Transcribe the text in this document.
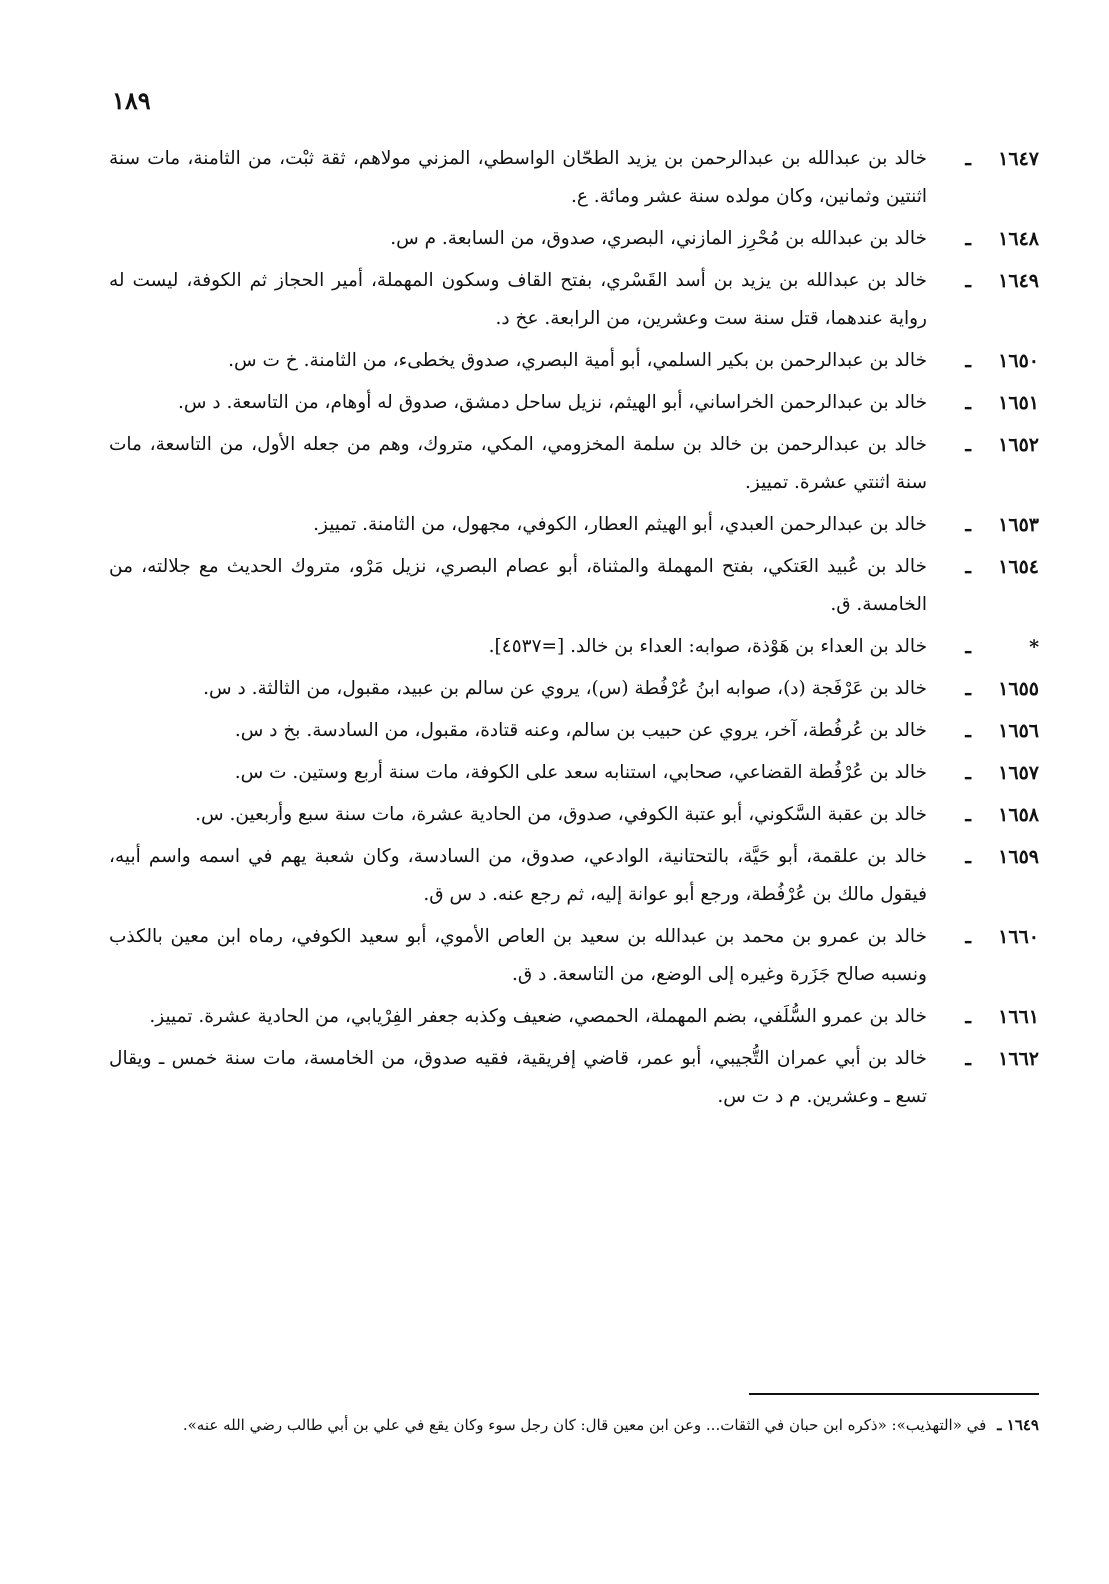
١٨٩
١٦٤٧ـ
خالد بن عبدالله بن عبدالرحمن بن يزيد الطحّان الواسطي، المزني مولاهم، ثقة ثبْت، من الثامنة، مات سنة اثنتين وثمانين، وكان مولده سنة عشر ومائة. ع.
١٦٤٨ـ
خالد بن عبدالله بن مُحْرِز المازني، البصري، صدوق، من السابعة. م س.
١٦٤٩ـ
خالد بن عبدالله بن يزيد بن أسد القَسْري، بفتح القاف وسكون المهملة، أمير الحجاز ثم الكوفة، ليست له رواية عندهما، قتل سنة ست وعشرين، من الرابعة. عخ د.
١٦٥٠ـ
خالد بن عبدالرحمن بن بكير السلمي، أبو أمية البصري، صدوق يخطىء، من الثامنة. خ ت س.
١٦٥١ـ
خالد بن عبدالرحمن الخراساني، أبو الهيثم، نزيل ساحل دمشق، صدوق له أوهام، من التاسعة. د س.
١٦٥٢ـ
خالد بن عبدالرحمن بن خالد بن سلمة المخزومي، المكي، متروك، وهم من جعله الأول، من التاسعة، مات سنة اثنتي عشرة. تمييز.
١٦٥٣ـ
خالد بن عبدالرحمن العبدي، أبو الهيثم العطار، الكوفي، مجهول، من الثامنة. تمييز.
١٦٥٤ـ
خالد بن عُبيد العَتكي، بفتح المهملة والمثناة، أبو عصام البصري، نزيل مَرْو، متروك الحديث مع جلالته، من الخامسة. ق.
*ـ
خالد بن العداء بن هَوْذة، صوابه: العداء بن خالد. [=٤٥٣٧].
١٦٥٥ـ
خالد بن عَرْفَجة (د)، صوابه ابنُ عُرْفُطة (س)، يروي عن سالم بن عبيد، مقبول، من الثالثة. د س.
١٦٥٦ـ
خالد بن عُرفُطة، آخر، يروي عن حبيب بن سالم، وعنه قتادة، مقبول، من السادسة. بخ د س.
١٦٥٧ـ
خالد بن عُرْفُطة القضاعي، صحابي، استنابه سعد على الكوفة، مات سنة أربع وستين. ت س.
١٦٥٨ـ
خالد بن عقبة السَّكوني، أبو عتبة الكوفي، صدوق، من الحادية عشرة، مات سنة سبع وأربعين. س.
١٦٥٩ـ
خالد بن علقمة، أبو حَيَّة، بالتحتانية، الوادعي، صدوق، من السادسة، وكان شعبة يهم في اسمه واسم أبيه، فيقول مالك بن عُرْفُطة، ورجع أبو عوانة إليه، ثم رجع عنه. د س ق.
١٦٦٠ـ
خالد بن عمرو بن محمد بن عبدالله بن سعيد بن العاص الأموي، أبو سعيد الكوفي، رماه ابن معين بالكذب ونسبه صالح جَزَرة وغيره إلى الوضع، من التاسعة. د ق.
١٦٦١ـ
خالد بن عمرو السُّلَفي، بضم المهملة، الحمصي، ضعيف وكذبه جعفر الفِرْيابي، من الحادية عشرة. تمييز.
١٦٦٢ـ
خالد بن أبي عمران التُّجيبي، أبو عمر، قاضي إفريقية، فقيه صدوق، من الخامسة، مات سنة خمس ـ ويقال تسع ـ وعشرين. م د ت س.
١٦٤٩ ـ في «التهذيب»: «ذكره ابن حبان في الثقات... وعن ابن معين قال: كان رجل سوء وكان يقع في علي بن أبي طالب رضي الله عنه».
